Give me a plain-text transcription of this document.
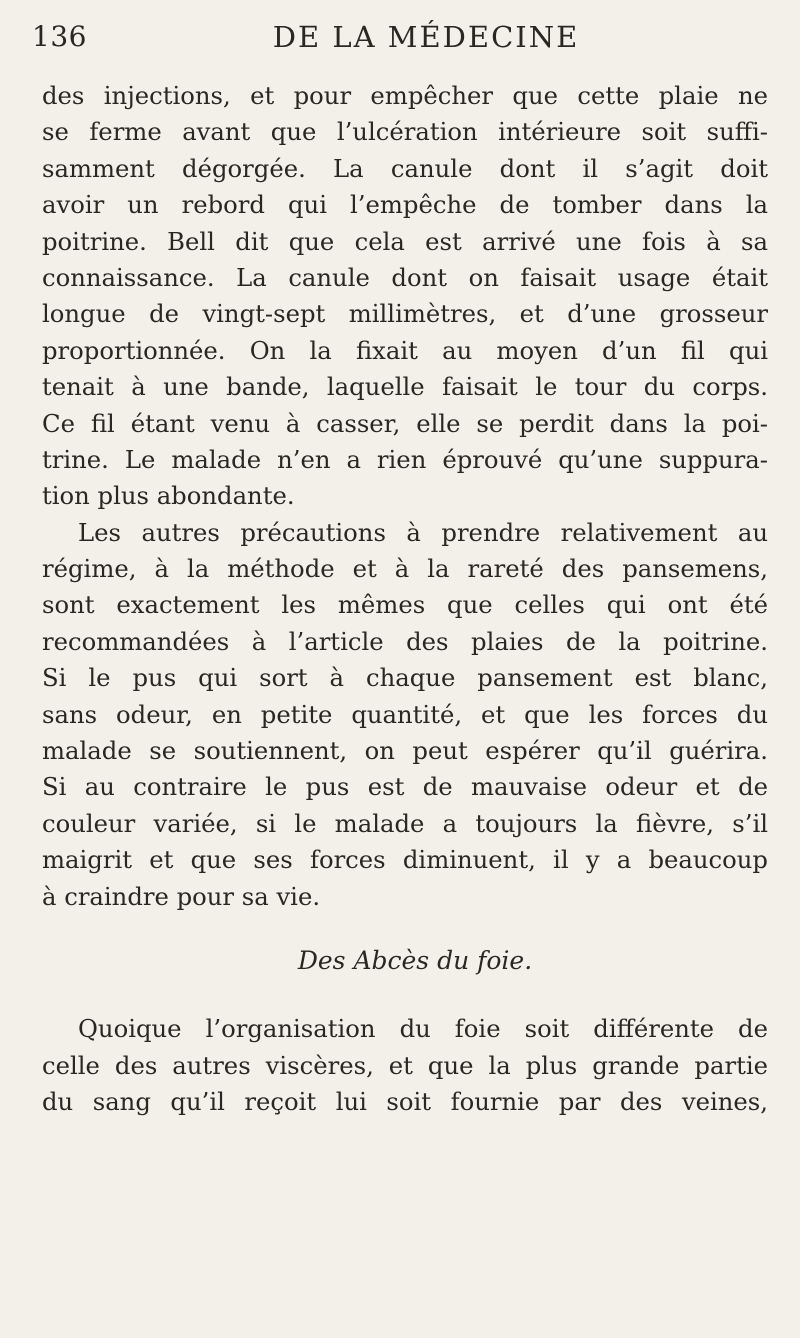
136	DE LA MÉDECINE
des injections, et pour empêcher que cette plaie ne
se ferme avant que l’ulcération intérieure soit suffi-
samment dégorgée. La canule dont il s’agit doit
avoir un rebord qui l’empêche de tomber dans la
poitrine. Bell dit que cela est arrivé une fois à sa
connaissance. La canule dont on faisait usage était
longue de vingt-sept millimètres, et d’une grosseur
proportionnée. On la fixait au moyen d’un fil qui
tenait à une bande, laquelle faisait le tour du corps.
Ce fil étant venu à casser, elle se perdit dans la poi-
trine. Le malade n’en a rien éprouvé qu’une suppura-
tion plus abondante.
Les autres précautions à prendre relativement au
régime, à la méthode et à la rareté des pansemens,
sont exactement les mêmes que celles qui ont été
recommandées à l’article des plaies de la poitrine.
Si le pus qui sort à chaque pansement est blanc,
sans odeur, en petite quantité, et que les forces du
malade se soutiennent, on peut espérer qu’il guérira.
Si au contraire le pus est de mauvaise odeur et de
couleur variée, si le malade a toujours la fièvre, s’il
maigrit et que ses forces diminuent, il y a beaucoup
à craindre pour sa vie.
Des Abcès du foie.
Quoique l’organisation du foie soit différente de
celle des autres viscères, et que la plus grande partie
du sang qu’il reçoit lui soit fournie par des veines,
